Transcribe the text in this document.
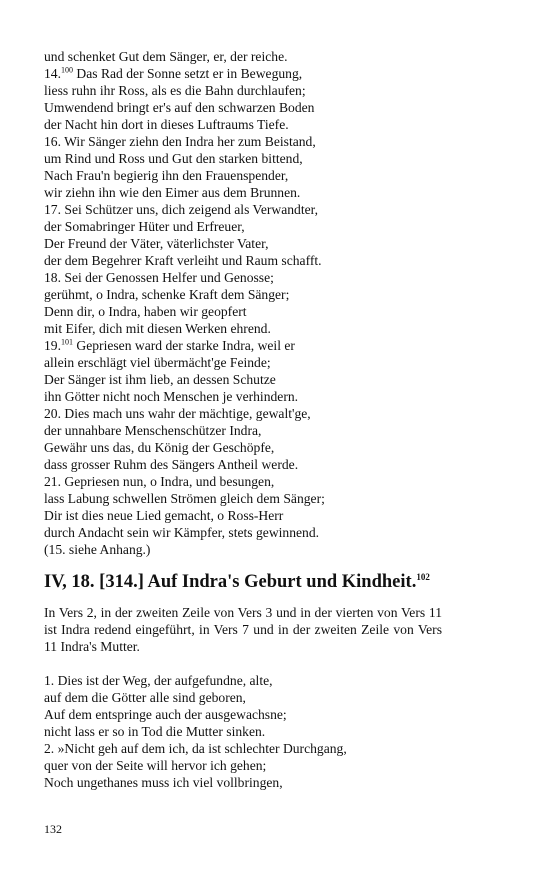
und schenket Gut dem Sänger, er, der reiche.
14.$^{100}$ Das Rad der Sonne setzt er in Bewegung,
liess ruhn ihr Ross, als es die Bahn durchlaufen;
Umwendend bringt er's auf den schwarzen Boden
der Nacht hin dort in dieses Luftraums Tiefe.
16. Wir Sänger ziehn den Indra her zum Beistand,
um Rind und Ross und Gut den starken bittend,
Nach Frau'n begierig ihn den Frauenspender,
wir ziehn ihn wie den Eimer aus dem Brunnen.
17. Sei Schützer uns, dich zeigend als Verwandter,
der Somabringer Hüter und Erfreuer,
Der Freund der Väter, väterlichster Vater,
der dem Begehrer Kraft verleiht und Raum schafft.
18. Sei der Genossen Helfer und Genosse;
gerühmt, o Indra, schenke Kraft dem Sänger;
Denn dir, o Indra, haben wir geopfert
mit Eifer, dich mit diesen Werken ehrend.
19.$^{101}$ Gepriesen ward der starke Indra, weil er
allein erschlägt viel übermächt'ge Feinde;
Der Sänger ist ihm lieb, an dessen Schutze
ihn Götter nicht noch Menschen je verhindern.
20. Dies mach uns wahr der mächtige, gewalt'ge,
der unnahbare Menschenschützer Indra,
Gewähr uns das, du König der Geschöpfe,
dass grosser Ruhm des Sängers Antheil werde.
21. Gepriesen nun, o Indra, und besungen,
lass Labung schwellen Strömen gleich dem Sänger;
Dir ist dies neue Lied gemacht, o Ross-Herr
durch Andacht sein wir Kämpfer, stets gewinnend.
(15. siehe Anhang.)
IV, 18. [314.] Auf Indra's Geburt und Kindheit.$^{102}$
In Vers 2, in der zweiten Zeile von Vers 3 und in der vierten von Vers 11 ist Indra redend eingeführt, in Vers 7 und in der zweiten Zeile von Vers 11 Indra's Mutter.
1. Dies ist der Weg, der aufgefundne, alte,
auf dem die Götter alle sind geboren,
Auf dem entspringe auch der ausgewachsne;
nicht lass er so in Tod die Mutter sinken.
2. »Nicht geh auf dem ich, da ist schlechter Durchgang,
quer von der Seite will hervor ich gehen;
Noch ungethanes muss ich viel vollbringen,
132
